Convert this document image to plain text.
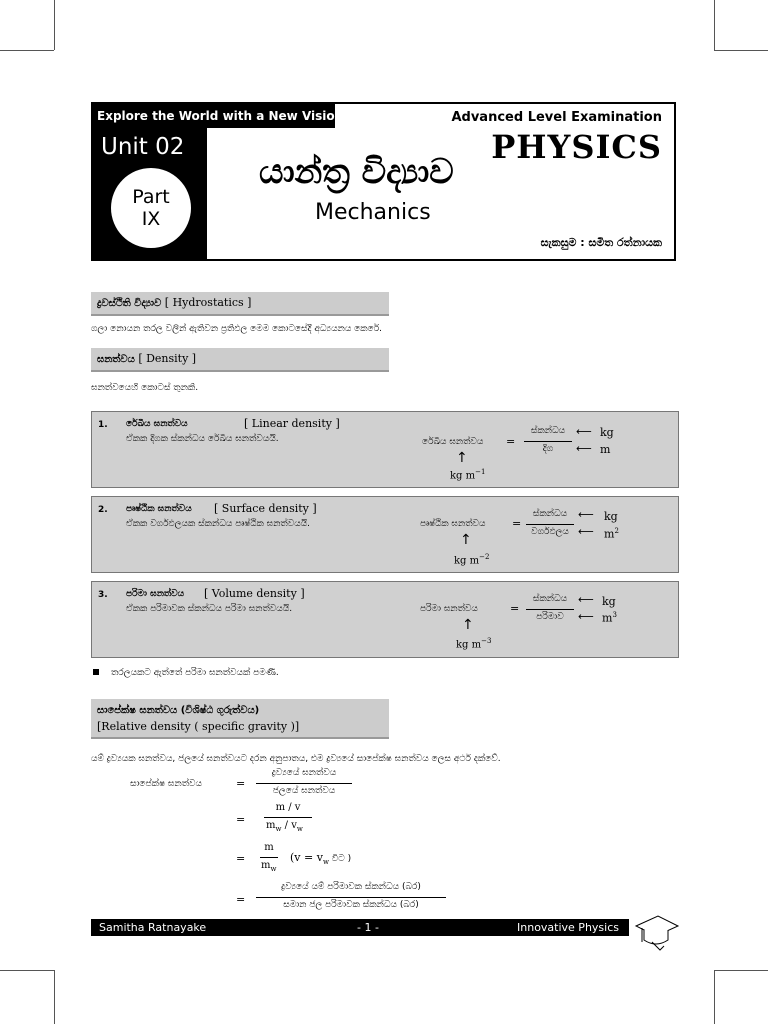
Explore the World with a New Vision...
Unit 02
Part
IX
Advanced Level Examination
PHYSICS
යාන්ත්‍ර විද්‍යාව
Mechanics
සැකසුම : සමිත රත්නායක
ද්‍රවස්ථිති විද්‍යාව [ Hydrostatics ]
ගලා නොයන තරල වලින් ඇතිවන ප්‍රතිඵල මෙම කොටසේදී අධ්‍යයනය කෙරේ.
ඝනත්වය [ Density ]
ඝනත්වයෙහි කොටස් තුනකි.
1. රේඛීය ඝනත්වය	[ Linear density ]
ඒකක දිගක ස්කන්ධය රේඛීය ඝනත්වයයි.	රේඛීය ඝනත්වය =
ස්කන්ධය
දිග
⟵ kg
⟵ m
↑
kg $m^{-1}$
2. පෘෂ්ඨික ඝනත්වය [ Surface density ]
ඒකක වර්ගඵලයක ස්කන්ධය පෘෂ්ඨික ඝනත්වයයි.	පෘෂ්ඨික ඝනත්වය =
ස්කන්ධය
වර්ගඵලය
⟵ kg
⟵ $m^2$
↑
kg $m^{-2}$
3. පරිමා ඝනත්වය [ Volume density ]
ඒකක පරිමාවක ස්කන්ධය පරිමා ඝනත්වයයි.	පරිමා ඝනත්වය	=
ස්කන්ධය
පරිමාව
⟵ kg
⟵ $m^3$
↑
kg $m^{-3}$
තරලයකට ඇත්තේ පරිමා ඝනත්වයක් පමණි.
සාපේක්ෂ ඝනත්වය (විශිෂ්ඨ ගුරුත්වය)
[Relative density ( specific gravity )]
යම් ද්‍රව්‍යයක ඝනත්වය, ජලයේ ඝනත්වයට දරන අනුපාතය, එම ද්‍රව්‍යයේ සාපේක්ෂ ඝනත්වය ලෙස අර්ථ දක්වේ.
සාපේක්ෂ ඝනත්වය	=
ද්‍රව්‍යයේ ඝනත්වය
ජලයේ ඝනත්වය
=
m / v
$m_w / v_w$
=
m
$m_w$
($v = v_w$ විට )
=
ද්‍රව්‍යයේ යම් පරිමාවක ස්කන්ධය (බර)
සමාන ජල පරිමාවක ස්කන්ධය (බර)
Samitha Ratnayake	- 1 -	Innovative Physics
